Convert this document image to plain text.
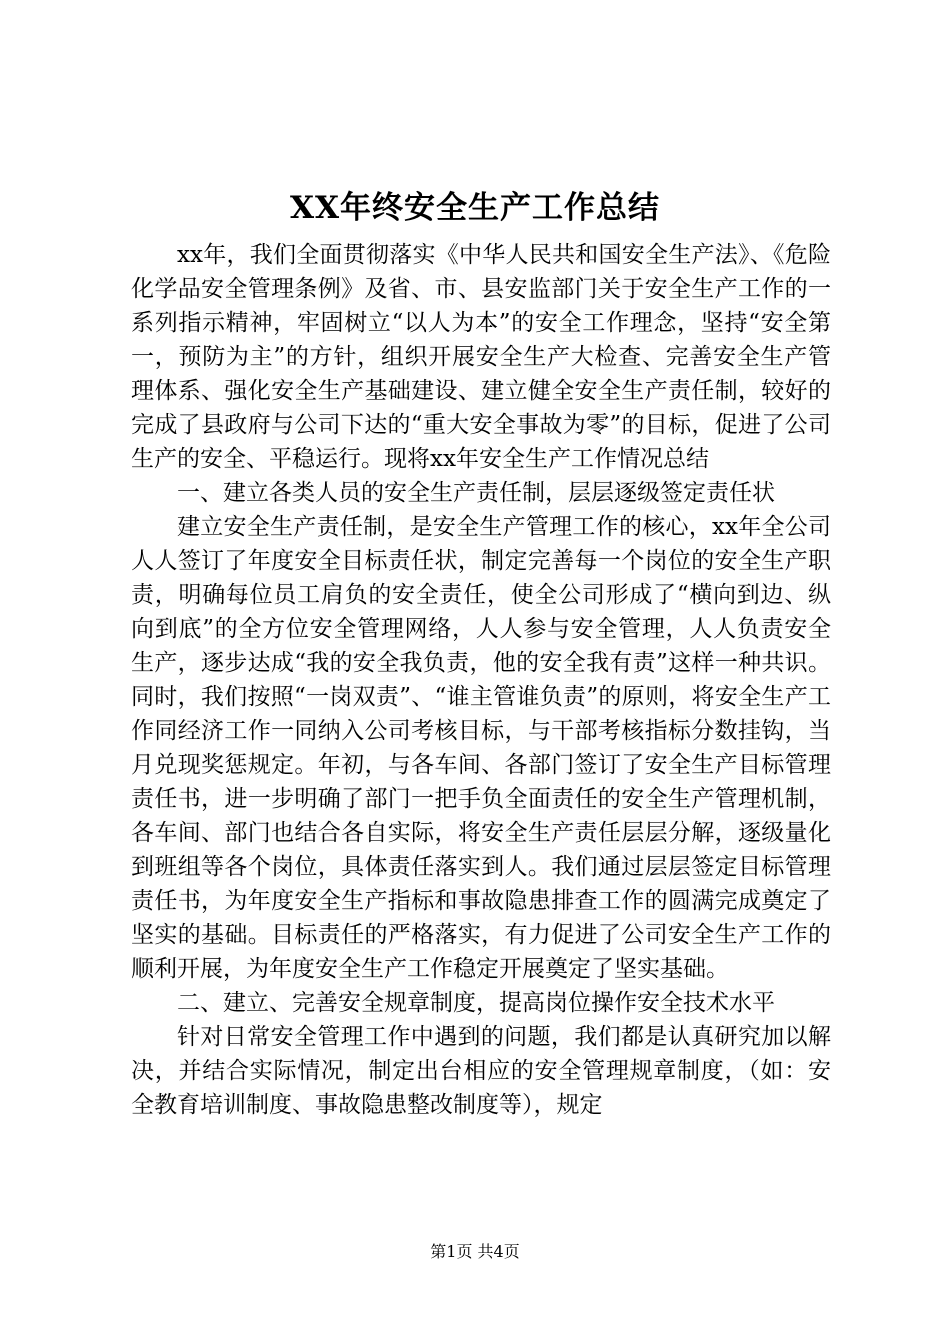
XX年终安全生产工作总结

xx年，我们全面贯彻落实《中华人民共和国安全生产法》、《危险化学品安全管理条例》及省、市、县安监部门关于安全生产工作的一系列指示精神，牢固树立“以人为本”的安全工作理念，坚持“安全第一，预防为主”的方针，组织开展安全生产大检查、完善安全生产管理体系、强化安全生产基础建设、建立健全安全生产责任制，较好的完成了县政府与公司下达的“重大安全事故为零”的目标，促进了公司生产的安全、平稳运行。现将xx年安全生产工作情况总结

一、建立各类人员的安全生产责任制，层层逐级签定责任状

建立安全生产责任制，是安全生产管理工作的核心，xx年全公司人人签订了年度安全目标责任状，制定完善每一个岗位的安全生产职责，明确每位员工肩负的安全责任，使全公司形成了“横向到边、纵向到底”的全方位安全管理网络，人人参与安全管理，人人负责安全生产，逐步达成“我的安全我负责，他的安全我有责”这样一种共识。同时，我们按照“一岗双责”、“谁主管谁负责”的原则，将安全生产工作同经济工作一同纳入公司考核目标，与干部考核指标分数挂钩，当月兑现奖惩规定。年初，与各车间、各部门签订了安全生产目标管理责任书，进一步明确了部门一把手负全面责任的安全生产管理机制，各车间、部门也结合各自实际，将安全生产责任层层分解，逐级量化到班组等各个岗位，具体责任落实到人。我们通过层层签定目标管理责任书，为年度安全生产指标和事故隐患排查工作的圆满完成奠定了坚实的基础。目标责任的严格落实，有力促进了公司安全生产工作的顺利开展，为年度安全生产工作稳定开展奠定了坚实基础。

二、建立、完善安全规章制度，提高岗位操作安全技术水平

针对日常安全管理工作中遇到的问题，我们都是认真研究加以解决，并结合实际情况，制定出台相应的安全管理规章制度，（如：安全教育培训制度、事故隐患整改制度等），规定

第1页 共4页
